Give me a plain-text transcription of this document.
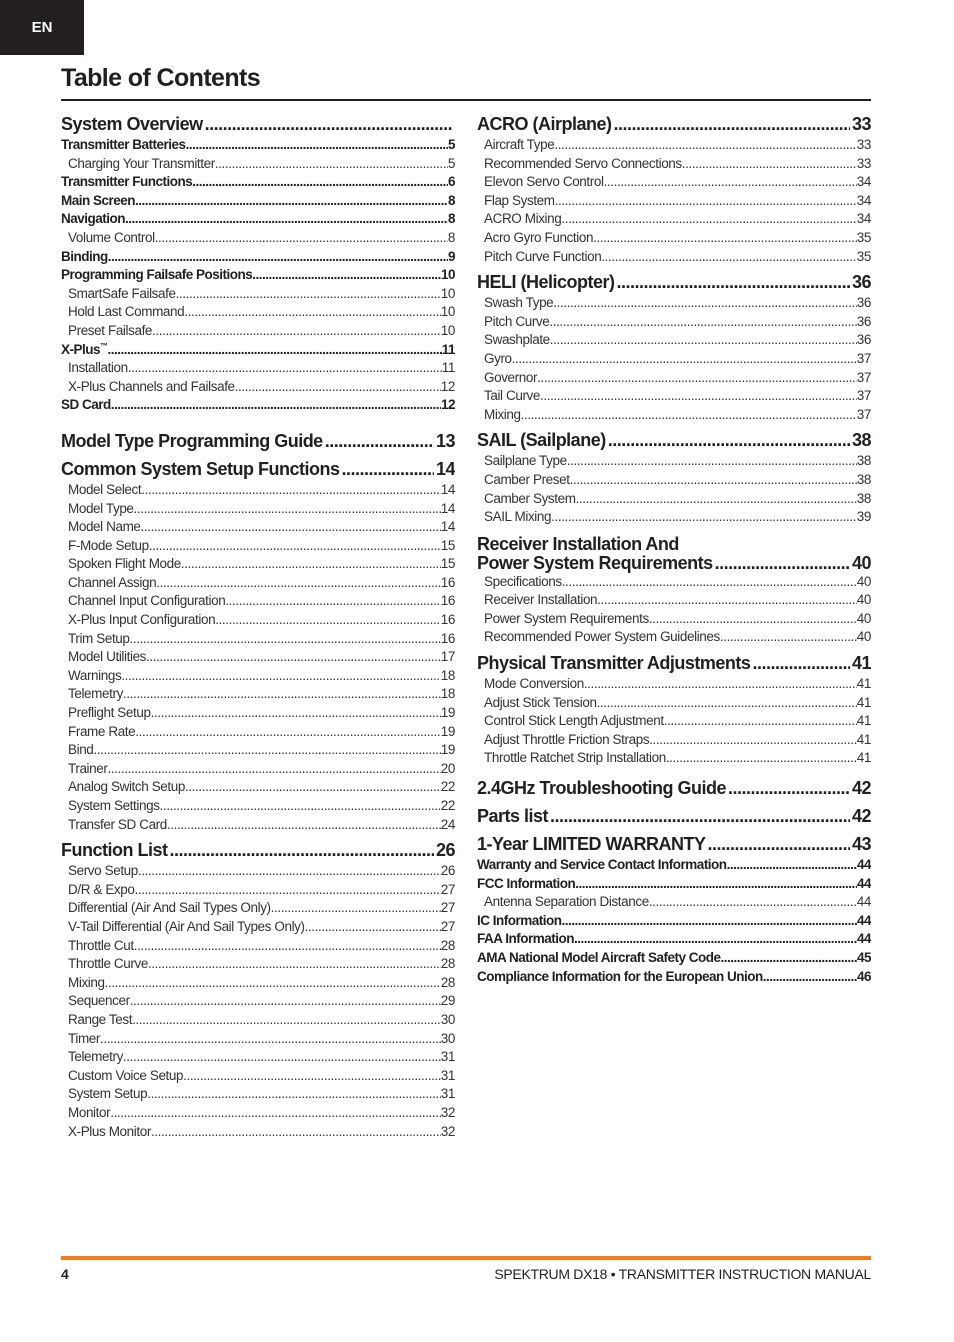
EN
Table of Contents
System Overview
.....
Transmitter Batteries .....	5
Charging Your Transmitter .....	5
Transmitter Functions .....	6
Main Screen .....	8
Navigation .....	8
Volume Control .....	8
Binding .....	9
Programming Failsafe Positions .....	10
SmartSafe Failsafe .....	10
Hold Last Command .....	10
Preset Failsafe .....	10
X-Plus™ .....	11
Installation .....	11
X-Plus Channels and Failsafe .....	12
SD Card .....	12
Model Type Programming Guide .....	13
Common System Setup Functions .....	14
Model Select .....	14
Model Type .....	14
Model Name .....	14
F-Mode Setup .....	15
Spoken Flight Mode .....	15
Channel Assign .....	16
Channel Input Configuration .....	16
X-Plus Input Configuration .....	16
Trim Setup .....	16
Model Utilities .....	17
Warnings .....	18
Telemetry .....	18
Preflight Setup .....	19
Frame Rate .....	19
Bind .....	19
Trainer .....	20
Analog Switch Setup .....	22
System Settings .....	22
Transfer SD Card .....	24
Function List .....	26
Servo Setup .....	26
D/R & Expo .....	27
Differential (Air And Sail Types Only) .....	27
V-Tail Differential (Air And Sail Types Only) .....	27
Throttle Cut .....	28
Throttle Curve .....	28
Mixing .....	28
Sequencer .....	29
Range Test .....	30
Timer .....	30
Telemetry .....	31
Custom Voice Setup .....	31
System Setup .....	31
Monitor .....	32
X-Plus Monitor .....	32
ACRO (Airplane) .....	33
Aircraft Type .....	33
Recommended Servo Connections .....	33
Elevon Servo Control .....	34
Flap System .....	34
ACRO Mixing .....	34
Acro Gyro Function .....	35
Pitch Curve Function .....	35
HELI (Helicopter) .....	36
Swash Type .....	36
Pitch Curve .....	36
Swashplate .....	36
Gyro .....	37
Governor .....	37
Tail Curve .....	37
Mixing .....	37
SAIL (Sailplane) .....	38
Sailplane Type .....	38
Camber Preset .....	38
Camber System .....	38
SAIL Mixing .....	39
Receiver Installation And
Power System Requirements .....	40
Specifications .....	40
Receiver Installation .....	40
Power System Requirements .....	40
Recommended Power System Guidelines .....	40
Physical Transmitter Adjustments .....	41
Mode Conversion .....	41
Adjust Stick Tension .....	41
Control Stick Length Adjustment .....	41
Adjust Throttle Friction Straps .....	41
Throttle Ratchet Strip Installation .....	41
2.4GHz Troubleshooting Guide .....	42
Parts list .....	42
1-Year LIMITED WARRANTY .....	43
Warranty and Service Contact Information .....	44
FCC Information .....	44
Antenna Separation Distance .....	44
IC Information .....	44
FAA Information .....	44
AMA National Model Aircraft Safety Code .....	45
Compliance Information for the European Union .....	46
4	SPEKTRUM DX18 • TRANSMITTER INSTRUCTION MANUAL
